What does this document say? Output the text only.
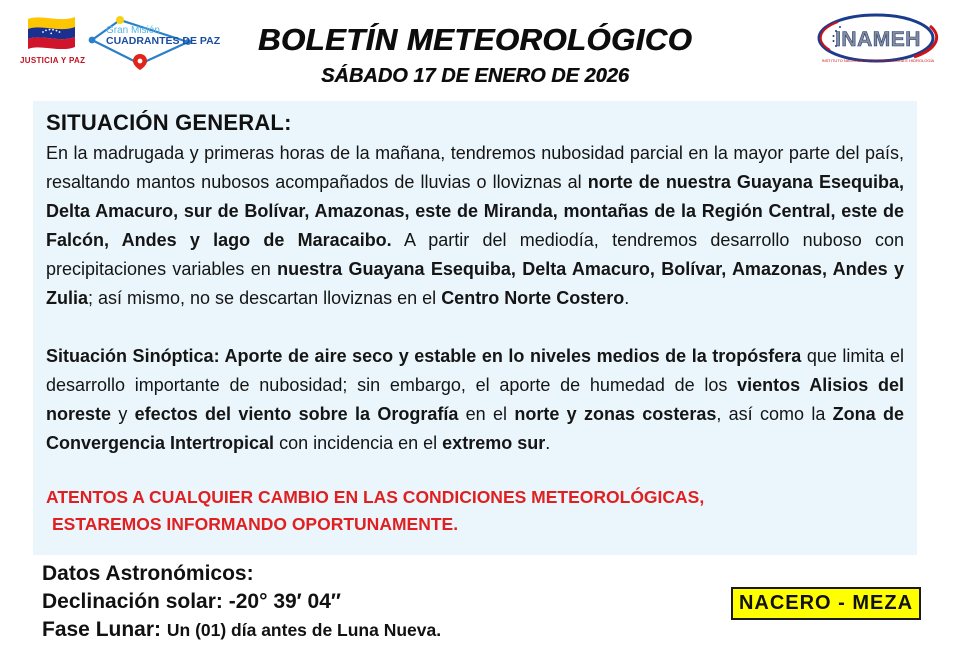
JUSTICIA Y PAZ
Gran Misión
CUADRANTES DE PAZ	BOLETÍN METEOROLÓGICO
SÁBADO 17 DE ENERO DE 2026
INAMEH
INSTITUTO NACIONAL DE METEOROLOGÍA E HIDROLOGÍA
SITUACIÓN GENERAL:

En la madrugada y primeras horas de la mañana, tendremos nubosidad parcial en la mayor parte del país, resaltando mantos nubosos acompañados de lluvias o lloviznas al norte de nuestra Guayana Esequiba, Delta Amacuro, sur de Bolívar, Amazonas, este de Miranda, montañas de la Región Central, este de Falcón, Andes y lago de Maracaibo. A partir del mediodía, tendremos desarrollo nuboso con precipitaciones variables en nuestra Guayana Esequiba, Delta Amacuro, Bolívar, Amazonas, Andes y Zulia; así mismo, no se descartan lloviznas en el Centro Norte Costero.

Situación Sinóptica: Aporte de aire seco y estable en lo niveles medios de la tropósfera que limita el desarrollo importante de nubosidad; sin embargo, el aporte de humedad de los vientos Alisios del noreste y efectos del viento sobre la Orografía en el norte y zonas costeras, así como la Zona de Convergencia Intertropical con incidencia en el extremo sur.

ATENTOS A CUALQUIER CAMBIO EN LAS CONDICIONES METEOROLÓGICAS,
ESTAREMOS INFORMANDO OPORTUNAMENTE.

Datos Astronómicos:
Declinación solar: -20° 39′ 04″
Fase Lunar: Un (01) día antes de Luna Nueva.
NACERO - MEZA
